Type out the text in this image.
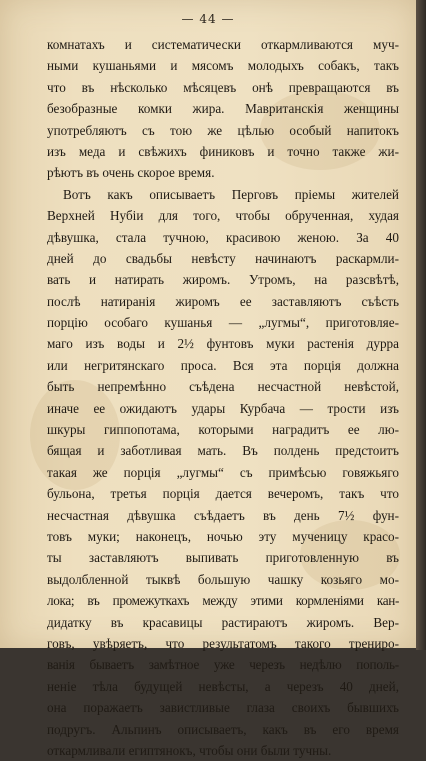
— 44 —
комнатахъ и систематически откармливаются муч-
ными кушаньями и мясомъ молодыхъ собакъ, такъ
что въ нѣсколько мѣсяцевъ онѣ превращаются въ
безобразные комки жира. Мавританскія женщины
употребляютъ съ тою же цѣлью особый напитокъ
изъ меда и свѣжихъ финиковъ и точно также жи-
рѣютъ въ очень скорое время.
Вотъ какъ описываетъ Перговъ пріемы жителей
Верхней Нубіи для того, чтобы обрученная, худая
дѣвушка, стала тучною, красивою женою. За 40
дней до свадьбы невѣсту начинаютъ раскармли-
вать и натирать жиромъ. Утромъ, на разсвѣтѣ,
послѣ натиранія жиромъ ее заставляютъ съѣсть
порцію особаго кушанья — „лугмы“, приготовляе-
маго изъ воды и 2½ фунтовъ муки растенія дурра
или негритянскаго проса. Вся эта порція должна
быть непремѣнно съѣдена несчастной невѣстой,
иначе ее ожидаютъ удары Курбача — трости изъ
шкуры гиппопотама, которыми наградитъ ее лю-
бящая и заботливая мать. Въ полдень предстоитъ
такая же порція „лугмы“ съ примѣсью говяжьяго
бульона, третья порція дается вечеромъ, такъ что
несчастная дѣвушка съѣдаетъ въ день 7½ фун-
товъ муки; наконецъ, ночью эту мученицу красо-
ты заставляютъ выпивать приготовленную въ
выдолбленной тыквѣ большую чашку козьяго мо-
лока; въ промежуткахъ между этими кормленіями кан-
дидатку въ красавицы растираютъ жиромъ. Вер-
говъ, увѣряетъ, что результатомъ такого трениро-
ванія бываетъ замѣтное уже черезъ недѣлю пополь-
неніе тѣла будущей невѣсты, а черезъ 40 дней,
она поражаетъ завистливые глаза своихъ бывшихъ
подругъ. Альпинъ описываетъ, какъ въ его время
откармливали египтянокъ, чтобы они были тучны.
